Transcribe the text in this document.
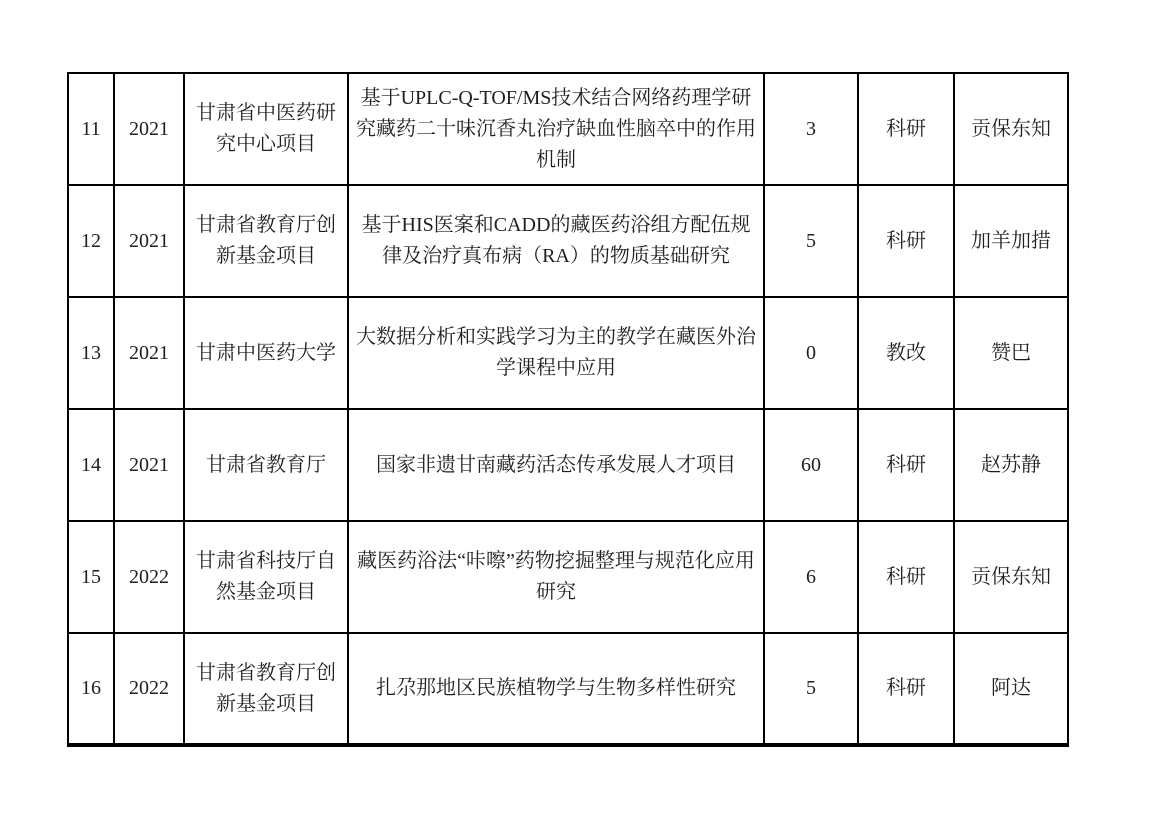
11	2021	甘肃省中医药研究中心项目	基于UPLC-Q-TOF/MS技术结合网络药理学研究藏药二十味沉香丸治疗缺血性脑卒中的作用机制	3	科研	贡保东知
12	2021	甘肃省教育厅创新基金项目	基于HIS医案和CADD的藏医药浴组方配伍规律及治疗真布病（RA）的物质基础研究	5	科研	加羊加措
13	2021	甘肃中医药大学	大数据分析和实践学习为主的教学在藏医外治学课程中应用	0	教改	赞巴
14	2021	甘肃省教育厅	国家非遗甘南藏药活态传承发展人才项目	60	科研	赵苏静
15	2022	甘肃省科技厅自然基金项目	藏医药浴法“咔嚓”药物挖掘整理与规范化应用研究	6	科研	贡保东知
16	2022	甘肃省教育厅创新基金项目	扎尕那地区民族植物学与生物多样性研究	5	科研	阿达
